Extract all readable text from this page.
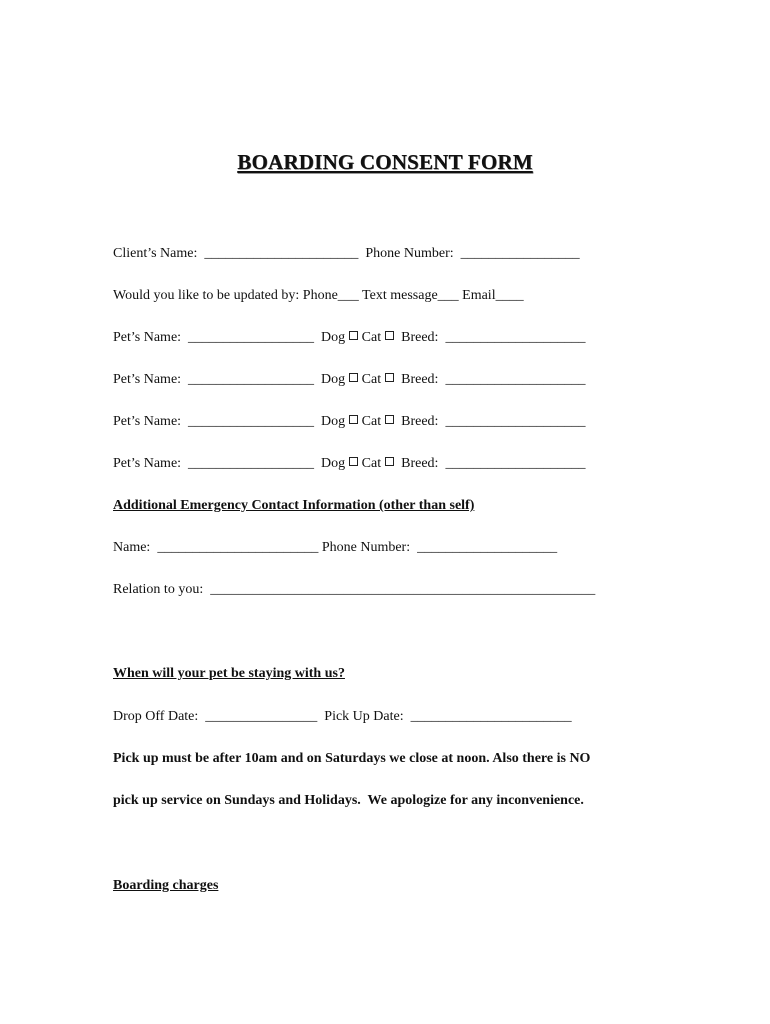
BOARDING CONSENT FORM
Client’s Name: ______________________ Phone Number: _________________
Would you like to be updated by: Phone___ Text message___ Email____
Pet’s Name: __________________ Dog Cat Breed: ____________________
Pet’s Name: __________________ Dog Cat Breed: ____________________
Pet’s Name: __________________ Dog Cat Breed: ____________________
Pet’s Name: __________________ Dog Cat Breed: ____________________
Additional Emergency Contact Information (other than self)
Name: _______________________ Phone Number: ____________________
Relation to you: _______________________________________________________
When will your pet be staying with us?
Drop Off Date: ________________ Pick Up Date: _______________________
Pick up must be after 10am and on Saturdays we close at noon. Also there is NO
pick up service on Sundays and Holidays.  We apologize for any inconvenience.
Boarding charges
